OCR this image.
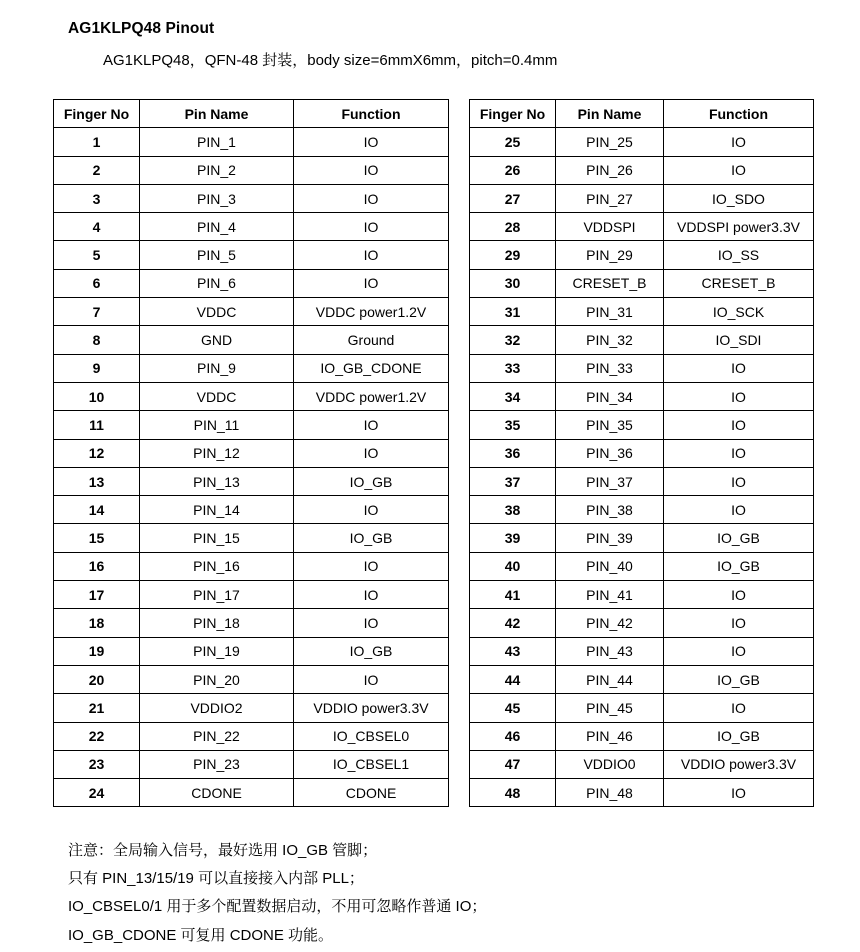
AG1KLPQ48 Pinout
AG1KLPQ48，QFN-48 封装，body size=6mmX6mm，pitch=0.4mm
Finger No	Pin Name	Function
1	PIN_1	IO
2	PIN_2	IO
3	PIN_3	IO
4	PIN_4	IO
5	PIN_5	IO
6	PIN_6	IO
7	VDDC	VDDC power1.2V
8	GND	Ground
9	PIN_9	IO_GB_CDONE
10	VDDC	VDDC power1.2V
11	PIN_11	IO
12	PIN_12	IO
13	PIN_13	IO_GB
14	PIN_14	IO
15	PIN_15	IO_GB
16	PIN_16	IO
17	PIN_17	IO
18	PIN_18	IO
19	PIN_19	IO_GB
20	PIN_20	IO
21	VDDIO2	VDDIO power3.3V
22	PIN_22	IO_CBSEL0
23	PIN_23	IO_CBSEL1
24	CDONE	CDONE
Finger No	Pin Name	Function
25	PIN_25	IO
26	PIN_26	IO
27	PIN_27	IO_SDO
28	VDDSPI	VDDSPI power3.3V
29	PIN_29	IO_SS
30	CRESET_B	CRESET_B
31	PIN_31	IO_SCK
32	PIN_32	IO_SDI
33	PIN_33	IO
34	PIN_34	IO
35	PIN_35	IO
36	PIN_36	IO
37	PIN_37	IO
38	PIN_38	IO
39	PIN_39	IO_GB
40	PIN_40	IO_GB
41	PIN_41	IO
42	PIN_42	IO
43	PIN_43	IO
44	PIN_44	IO_GB
45	PIN_45	IO
46	PIN_46	IO_GB
47	VDDIO0	VDDIO power3.3V
48	PIN_48	IO
注意：全局输入信号，最好选用 IO_GB 管脚；
只有 PIN_13/15/19 可以直接接入内部 PLL；
IO_CBSEL0/1 用于多个配置数据启动，不用可忽略作普通 IO；
IO_GB_CDONE 可复用 CDONE 功能。
